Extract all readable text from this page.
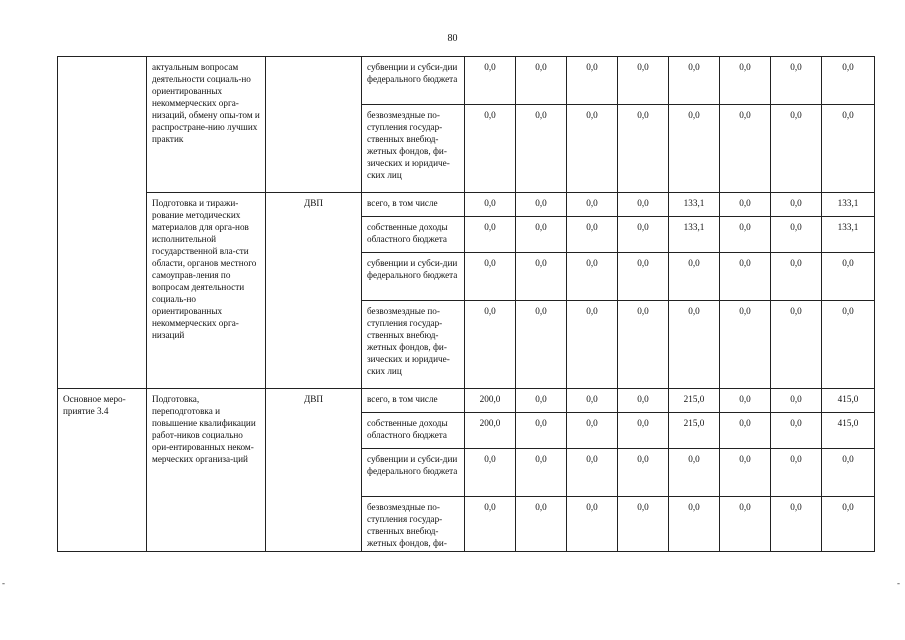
80
	актуальным вопросам деятельности социаль-но ориентированных некоммерческих орга-низаций, обмену опы-том и распростране-нию лучших практик		субвенции и субси-дии федерального бюджета	0,0	0,0	0,0	0,0	0,0	0,0	0,0	0,0
			безвозмездные по-ступления государ-ственных внебюд-жетных фондов, фи-зических и юридиче-ских лиц	0,0	0,0	0,0	0,0	0,0	0,0	0,0	0,0
	Подготовка и тиражи-рование методических материалов для орга-нов исполнительной государственной вла-сти области, органов местного самоуправ-ления по вопросам деятельности социаль-но ориентированных некоммерческих орга-низаций	ДВП	всего, в том числе	0,0	0,0	0,0	0,0	133,1	0,0	0,0	133,1
			собственные доходы областного бюджета	0,0	0,0	0,0	0,0	133,1	0,0	0,0	133,1
			субвенции и субси-дии федерального бюджета	0,0	0,0	0,0	0,0	0,0	0,0	0,0	0,0
			безвозмездные по-ступления государ-ственных внебюд-жетных фондов, фи-зических и юридиче-ских лиц	0,0	0,0	0,0	0,0	0,0	0,0	0,0	0,0
Основное меро-приятие 3.4	Подготовка, переподготовка и повышение квалификации работ-ников социально ори-ентированных неком-мерческих организа-ций	ДВП	всего, в том числе	200,0	0,0	0,0	0,0	215,0	0,0	0,0	415,0
			собственные доходы областного бюджета	200,0	0,0	0,0	0,0	215,0	0,0	0,0	415,0
			субвенции и субси-дии федерального бюджета	0,0	0,0	0,0	0,0	0,0	0,0	0,0	0,0
			безвозмездные по-ступления государ-ственных внебюд-жетных фондов, фи-	0,0	0,0	0,0	0,0	0,0	0,0	0,0	0,0
-	-
